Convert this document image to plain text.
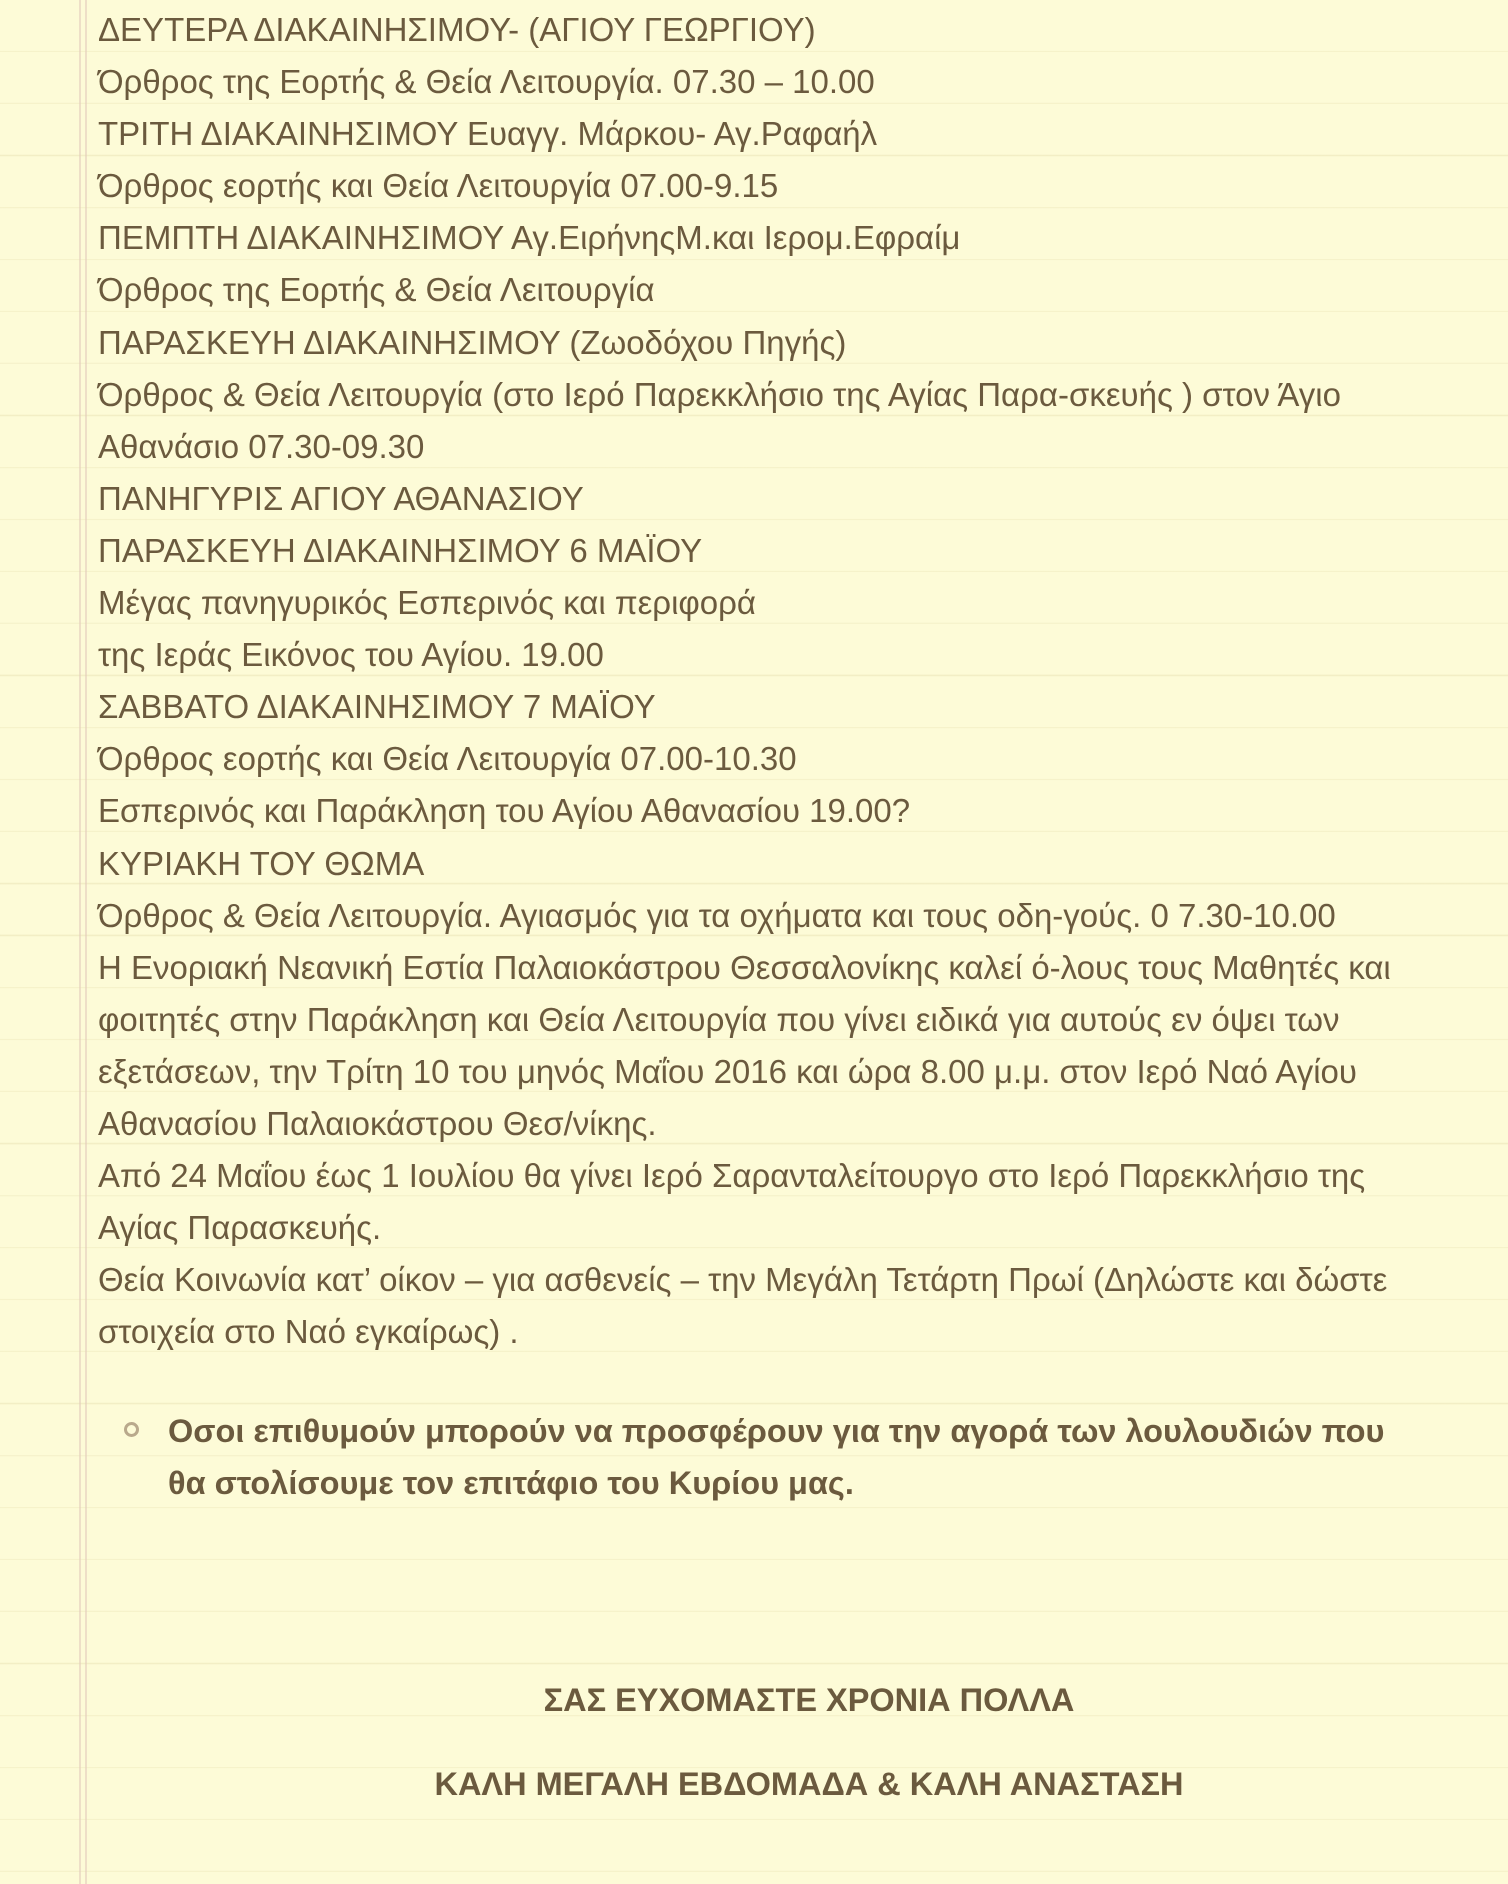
ΔΕΥΤΕΡΑ ΔΙΑΚΑΙΝΗΣΙΜΟΥ- (ΑΓΙΟΥ ΓΕΩΡΓΙΟΥ)
Όρθρος της Εορτής & Θεία Λειτουργία. 07.30 – 10.00
ΤΡΙΤΗ ΔΙΑΚΑΙΝΗΣΙΜΟΥ Ευαγγ. Μάρκου- Αγ.Ραφαήλ
Όρθρος εορτής και Θεία Λειτουργία 07.00-9.15
ΠΕΜΠΤΗ ΔΙΑΚΑΙΝΗΣΙΜΟΥ Αγ.ΕιρήνηςΜ.και Ιερομ.Εφραίμ
Όρθρος της Εορτής & Θεία Λειτουργία
ΠΑΡΑΣΚΕΥΗ ΔΙΑΚΑΙΝΗΣΙΜΟΥ (Ζωοδόχου Πηγής)
Όρθρος & Θεία Λειτουργία (στο Ιερό Παρεκκλήσιο της Αγίας Παρα-σκευής ) στον Άγιο
Αθανάσιο 07.30-09.30
ΠΑΝΗΓΥΡΙΣ ΑΓΙΟΥ ΑΘΑΝΑΣΙΟΥ
ΠΑΡΑΣΚΕΥΗ ΔΙΑΚΑΙΝΗΣΙΜΟΥ 6 ΜΑΪΟΥ
Μέγας πανηγυρικός Εσπερινός και περιφορά
της Ιεράς Εικόνος του Αγίου. 19.00
ΣΑΒΒΑΤΟ ΔΙΑΚΑΙΝΗΣΙΜΟΥ 7 ΜΑΪΟΥ
Όρθρος εορτής και Θεία Λειτουργία 07.00-10.30
Εσπερινός και Παράκληση του Αγίου Αθανασίου 19.00?
ΚΥΡΙΑΚΗ ΤΟΥ ΘΩΜΑ
Όρθρος & Θεία Λειτουργία. Αγιασμός για τα οχήματα και τους οδη-γούς. 0 7.30-10.00
Η Ενοριακή Νεανική Εστία Παλαιοκάστρου Θεσσαλονίκης καλεί ό-λους τους Μαθητές και
φοιτητές στην Παράκληση και Θεία Λειτουργία που γίνει ειδικά για αυτούς εν όψει των
εξετάσεων, την Τρίτη 10 του μηνός Μαΐου 2016 και ώρα 8.00 μ.μ. στον Ιερό Ναό Αγίου
Αθανασίου Παλαιοκάστρου Θεσ/νίκης.
Από 24 Μαΐου έως 1 Ιουλίου θα γίνει Ιερό Σαρανταλείτουργο στο Ιερό Παρεκκλήσιο της
Αγίας Παρασκευής.
Θεία Κοινωνία κατ’ οίκον – για ασθενείς – την Μεγάλη Τετάρτη Πρωί (Δηλώστε και δώστε
στοιχεία στο Ναό εγκαίρως) .
Οσοι επιθυμούν μπορούν να προσφέρουν για την αγορά των λουλουδιών που
θα στολίσουμε τον επιτάφιο του Κυρίου μας.
ΣΑΣ ΕΥΧΟΜΑΣΤΕ ΧΡΟΝΙΑ ΠΟΛΛΑ
ΚΑΛΗ ΜΕΓΑΛΗ ΕΒΔΟΜΑΔΑ & ΚΑΛΗ ΑΝΑΣΤΑΣΗ
